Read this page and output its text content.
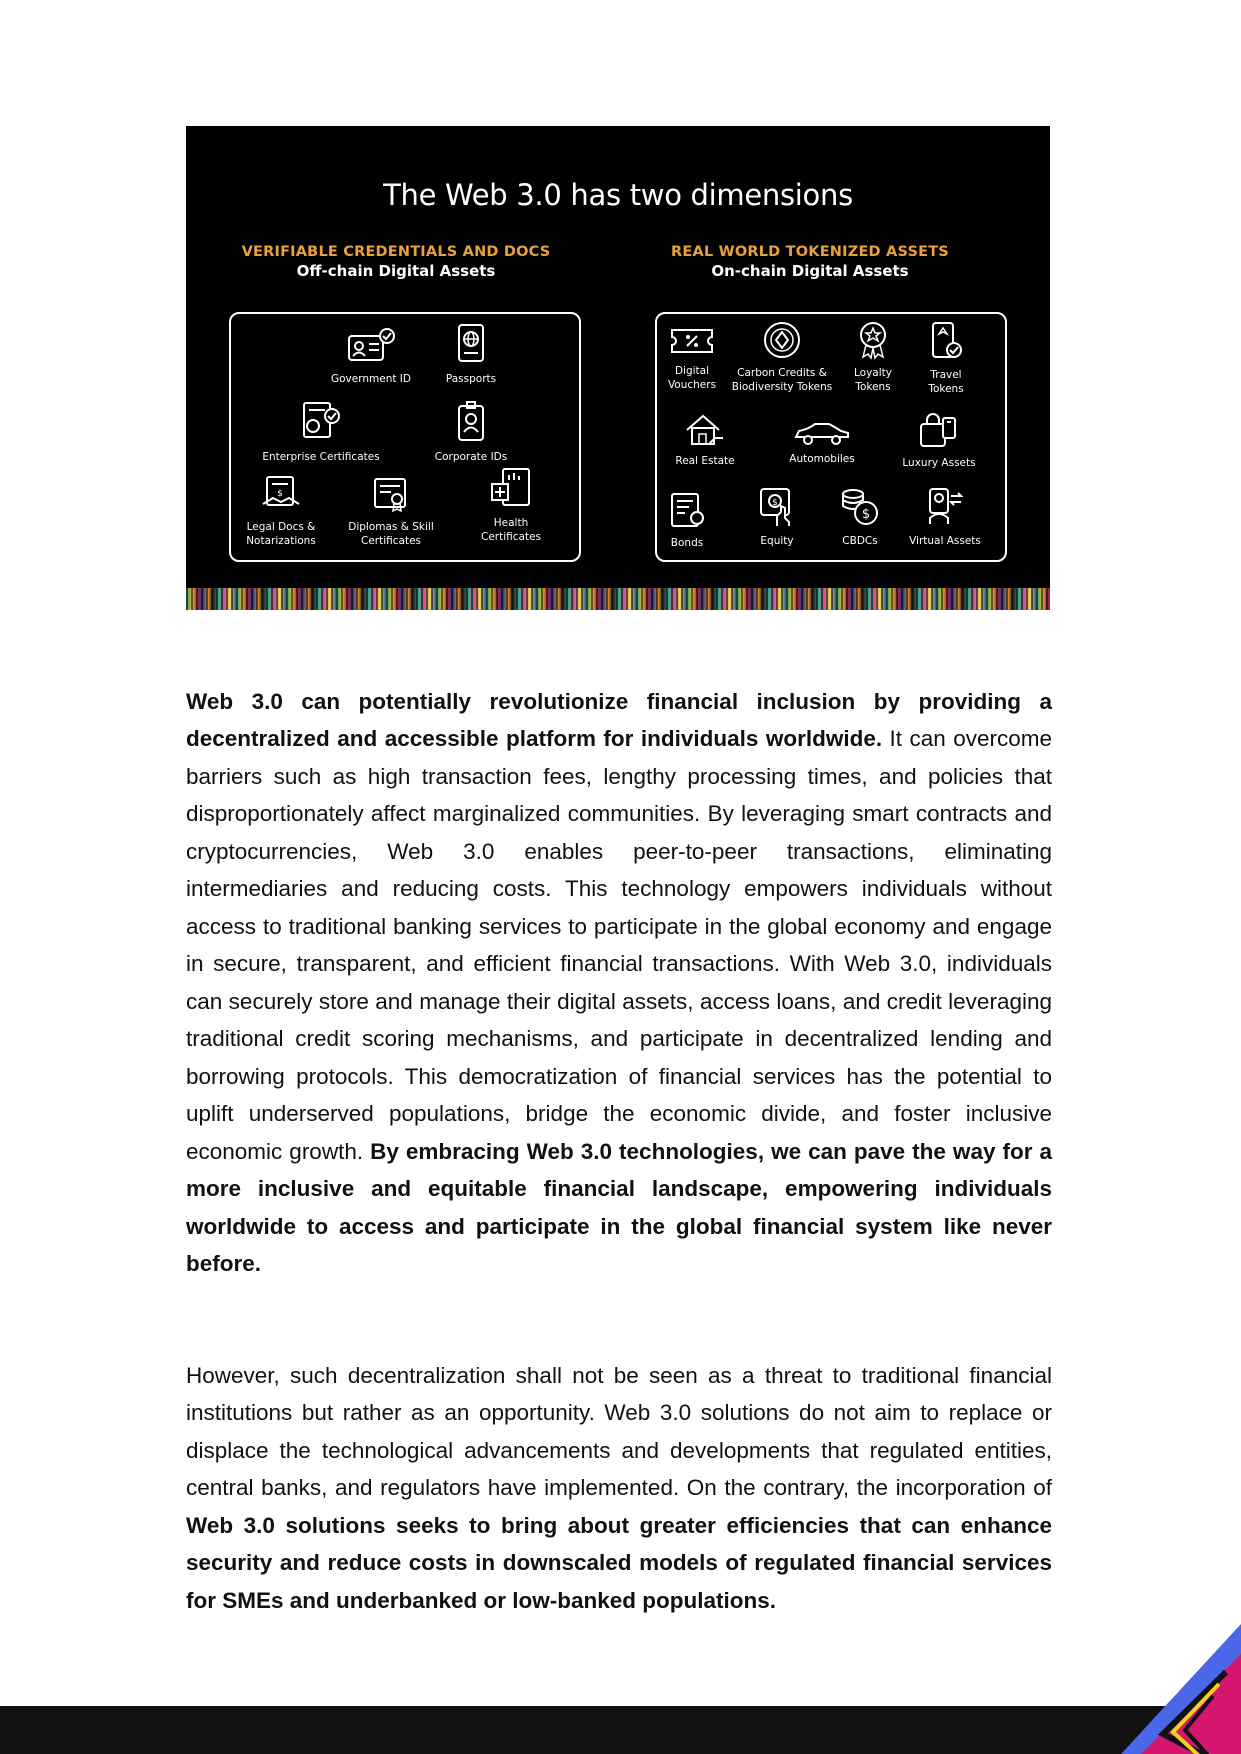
The Web 3.0 has two dimensions
VERIFIABLE CREDENTIALS AND DOCS
Off-chain Digital Assets
REAL WORLD TOKENIZED ASSETS
On-chain Digital Assets
Government ID	Passports
Enterprise Certificates	Corporate IDs
$
Legal Docs & Notarizations
Diplomas & Skill Certificates
Health Certificates
Digital Vouchers
Carbon Credits & Biodiversity Tokens
Loyalty Tokens
Travel Tokens
Real Estate	Automobiles	Luxury Assets
Bonds
$
Equity
$
CBDCs	Virtual Assets

Web 3.0 can potentially revolutionize financial inclusion by providing a decentralized and accessible platform for individuals worldwide. It can overcome barriers such as high transaction fees, lengthy processing times, and policies that disproportionately affect marginalized communities. By leveraging smart contracts and cryptocurrencies, Web 3.0 enables peer-to-peer transactions, eliminating intermediaries and reducing costs. This technology empowers individuals without access to traditional banking services to participate in the global economy and engage in secure, transparent, and efficient financial transactions. With Web 3.0, individuals can securely store and manage their digital assets, access loans, and credit leveraging traditional credit scoring mechanisms, and participate in decentralized lending and borrowing protocols. This democratization of financial services has the potential to uplift underserved populations, bridge the economic divide, and foster inclusive economic growth. By embracing Web 3.0 technologies, we can pave the way for a more inclusive and equitable financial landscape, empowering individuals worldwide to access and participate in the global financial system like never before.

However, such decentralization shall not be seen as a threat to traditional financial institutions but rather as an opportunity. Web 3.0 solutions do not aim to replace or displace the technological advancements and developments that regulated entities, central banks, and regulators have implemented. On the contrary, the incorporation of Web 3.0 solutions seeks to bring about greater efficiencies that can enhance security and reduce costs in downscaled models of regulated financial services for SMEs and underbanked or low-banked populations.
